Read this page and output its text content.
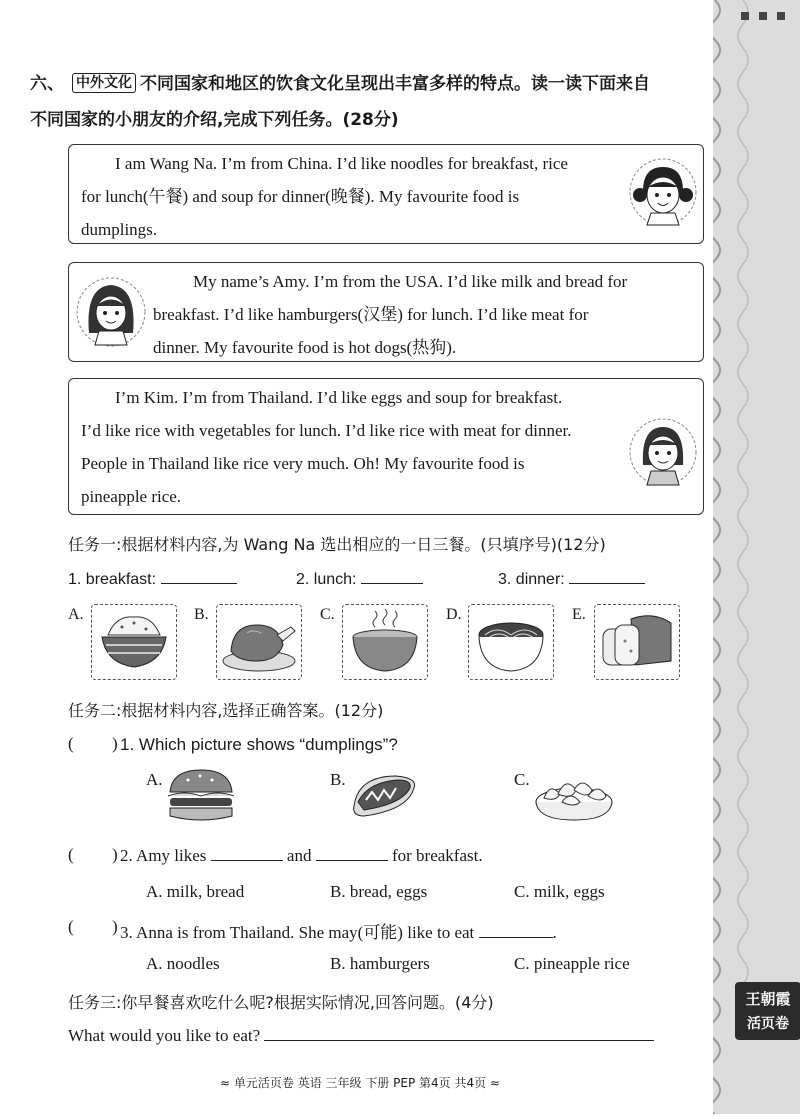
王朝霞
活页卷
六、 中外文化 不同国家和地区的饮食文化呈现出丰富多样的特点。读一读下面来自
不同国家的小朋友的介绍,完成下列任务。(28分)
I am Wang Na. I’m from China. I’d like noodles for breakfast, rice
for lunch(午餐) and soup for dinner(晚餐). My favourite food is
dumplings.
My name’s Amy. I’m from the USA. I’d like milk and bread for
breakfast. I’d like hamburgers(汉堡) for lunch. I’d like meat for
dinner. My favourite food is hot dogs(热狗).
I’m Kim. I’m from Thailand. I’d like eggs and soup for breakfast.
I’d like rice with vegetables for lunch. I’d like rice with meat for dinner.
People in Thailand like rice very much. Oh! My favourite food is
pineapple rice.
任务一:根据材料内容,为 Wang Na 选出相应的一日三餐。(只填序号)(12分)
1. breakfast:	2. lunch:	3. dinner:
A.	B.	C.	D.	E.
任务二:根据材料内容,选择正确答案。(12分)
( ) 1. Which picture shows “dumplings”?
A.	B.	C.
( ) 2. Amy likes	and	for breakfast.
A. milk, bread	B. bread, eggs	C. milk, eggs
( ) 3. Anna is from Thailand. She may(可能) like to eat	.
A. noodles	B. hamburgers	C. pineapple rice
任务三:你早餐喜欢吃什么呢?根据实际情况,回答问题。(4分)
What would you like to eat?
≈ 单元活页卷 英语 三年级 下册 PEP 第4页 共4页 ≈
